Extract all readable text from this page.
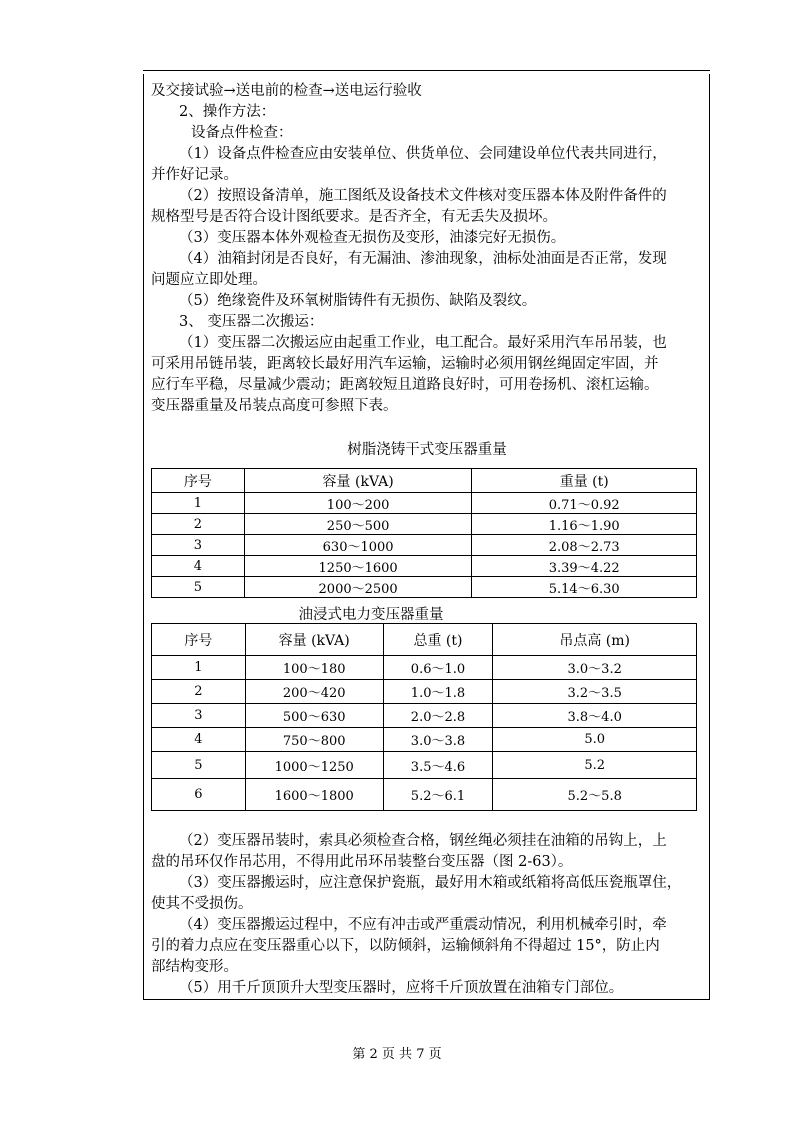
及交接试验→送电前的检查→送电运行验收
2、操作方法：
设备点件检查：
（1）设备点件检查应由安装单位、供货单位、会同建设单位代表共同进行，
并作好记录。
（2）按照设备清单，施工图纸及设备技术文件核对变压器本体及附件备件的
规格型号是否符合设计图纸要求。是否齐全，有无丢失及损坏。
（3）变压器本体外观检查无损伤及变形，油漆完好无损伤。
（4）油箱封闭是否良好，有无漏油、渗油现象，油标处油面是否正常，发现
问题应立即处理。
（5）绝缘瓷件及环氧树脂铸件有无损伤、缺陷及裂纹。
3、 变压器二次搬运：
（1）变压器二次搬运应由起重工作业，电工配合。最好采用汽车吊吊装，也
可采用吊链吊装，距离较长最好用汽车运输，运输时必须用钢丝绳固定牢固，并
应行车平稳，尽量减少震动；距离较短且道路良好时，可用卷扬机、滚杠运输。
变压器重量及吊装点高度可参照下表。
树脂浇铸干式变压器重量
序号	容量 (kVA)	重量 (t)
1	100～200	0.71～0.92
2	250～500	1.16～1.90
3	630～1000	2.08～2.73
4	1250～1600	3.39～4.22
5	2000～2500	5.14～6.30
油浸式电力变压器重量
序号	容量 (kVA)	总重 (t)	吊点高 (m)
1	100～180	0.6～1.0	3.0～3.2
2	200～420	1.0～1.8	3.2～3.5
3	500～630	2.0～2.8	3.8～4.0
4	750～800	3.0～3.8	5.0
5	1000～1250	3.5～4.6	5.2
6	1600～1800	5.2～6.1	5.2～5.8
（2）变压器吊装时，索具必须检查合格，钢丝绳必须挂在油箱的吊钩上，上
盘的吊环仅作吊芯用，不得用此吊环吊装整台变压器（图 2-63）。
（3）变压器搬运时，应注意保护瓷瓶，最好用木箱或纸箱将高低压瓷瓶罩住，
使其不受损伤。
（4）变压器搬运过程中，不应有冲击或严重震动情况，利用机械牵引时，牵
引的着力点应在变压器重心以下，以防倾斜，运输倾斜角不得超过 15°，防止内
部结构变形。
（5）用千斤顶顶升大型变压器时，应将千斤顶放置在油箱专门部位。
第 2 页 共 7 页
